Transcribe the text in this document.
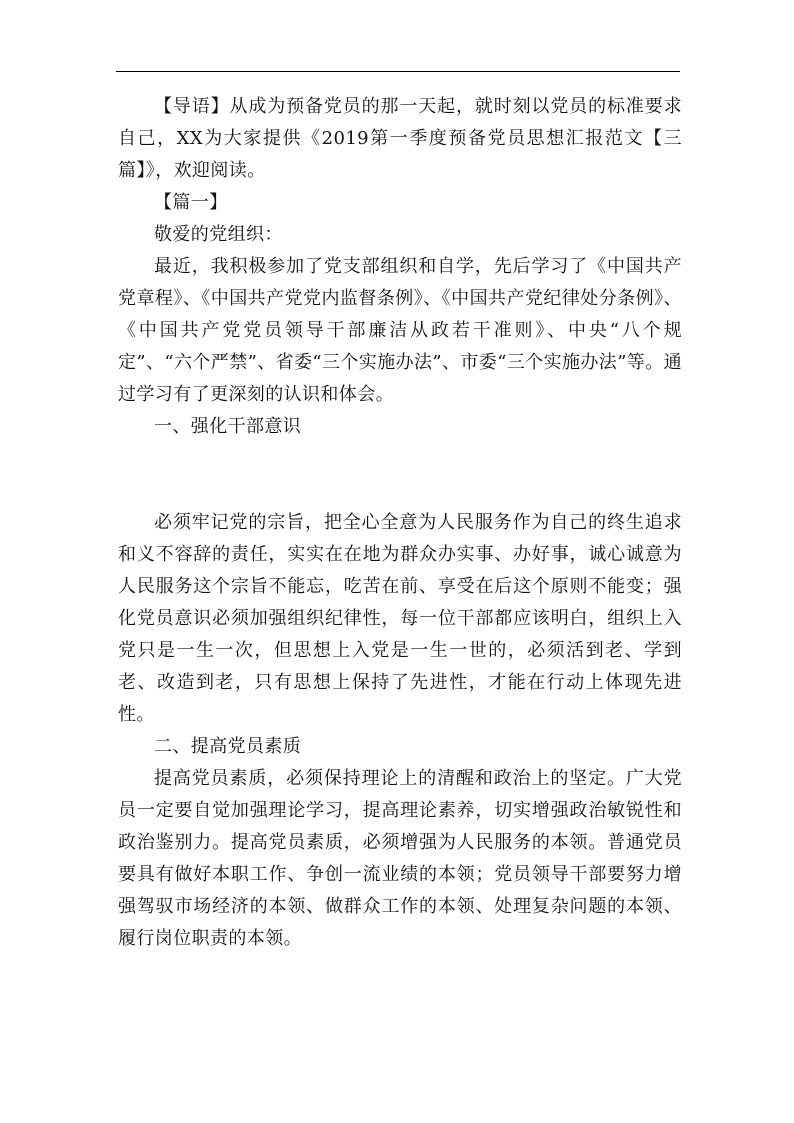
【导语】从成为预备党员的那一天起，就时刻以党员的标准要求自己，XX为大家提供《2019第一季度预备党员思想汇报范文【三篇】》，欢迎阅读。

【篇一】

敬爱的党组织：

最近，我积极参加了党支部组织和自学，先后学习了《中国共产党章程》、《中国共产党党内监督条例》、《中国共产党纪律处分条例》、《中国共产党党员领导干部廉洁从政若干准则》、中央“八个规定”、“六个严禁”、省委“三个实施办法”、市委“三个实施办法”等。通过学习有了更深刻的认识和体会。

一、强化干部意识

必须牢记党的宗旨，把全心全意为人民服务作为自己的终生追求和义不容辞的责任，实实在在地为群众办实事、办好事，诚心诚意为人民服务这个宗旨不能忘，吃苦在前、享受在后这个原则不能变；强化党员意识必须加强组织纪律性，每一位干部都应该明白，组织上入党只是一生一次，但思想上入党是一生一世的，必须活到老、学到老、改造到老，只有思想上保持了先进性，才能在行动上体现先进性。

二、提高党员素质

提高党员素质，必须保持理论上的清醒和政治上的坚定。广大党员一定要自觉加强理论学习，提高理论素养，切实增强政治敏锐性和政治鉴别力。提高党员素质，必须增强为人民服务的本领。普通党员要具有做好本职工作、争创一流业绩的本领；党员领导干部要努力增强驾驭市场经济的本领、做群众工作的本领、处理复杂问题的本领、履行岗位职责的本领。
